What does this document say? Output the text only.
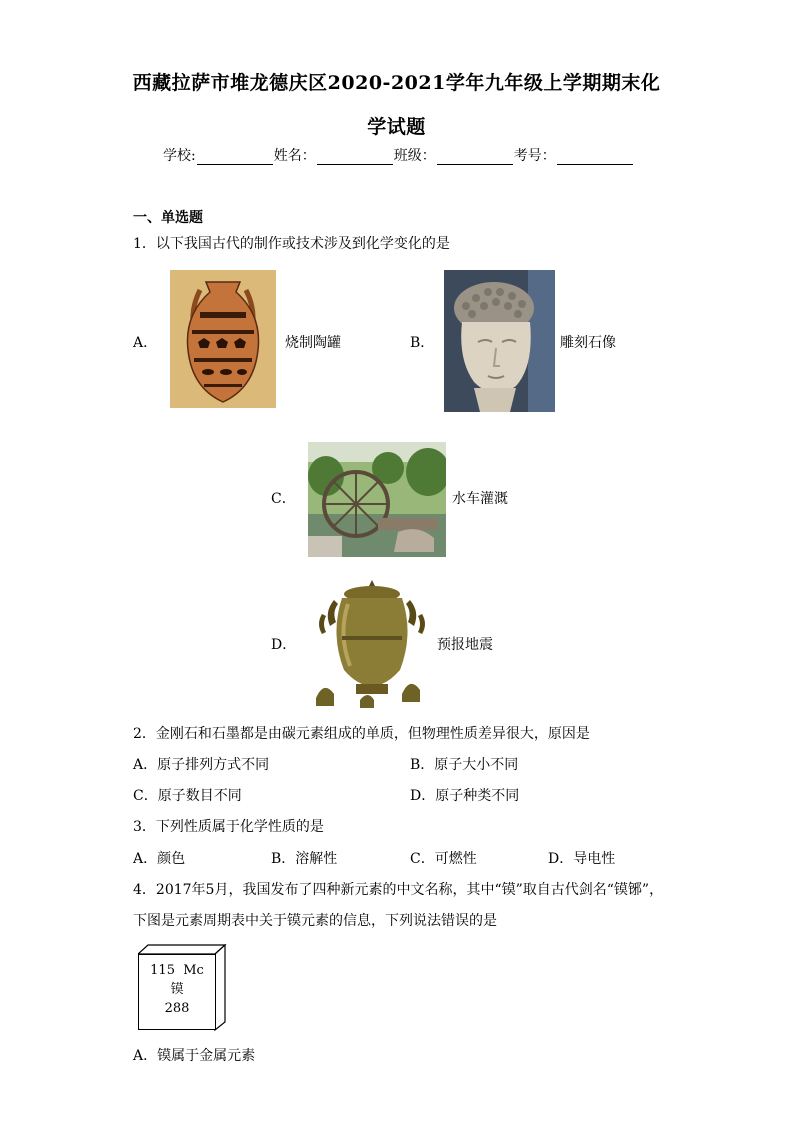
西藏拉萨市堆龙德庆区2020-2021学年九年级上学期期末化
学试题
学校:	姓名：	班级：	考号：
一、单选题
1．以下我国古代的制作或技术涉及到化学变化的是
A．	烧制陶罐	B．	雕刻石像
C．	水车灌溉
D．	预报地震
2．金刚石和石墨都是由碳元素组成的单质，但物理性质差异很大，原因是
A．原子排列方式不同	B．原子大小不同
C．原子数目不同	D．原子种类不同
3．下列性质属于化学性质的是
A．颜色	B．溶解性	C．可燃性	D．导电性
4．2017年5月，我国发布了四种新元素的中文名称，其中“镆”取自古代剑名“镆铘”，
下图是元素周期表中关于镆元素的信息，下列说法错误的是
115 Mc
镆
288
A．镆属于金属元素
